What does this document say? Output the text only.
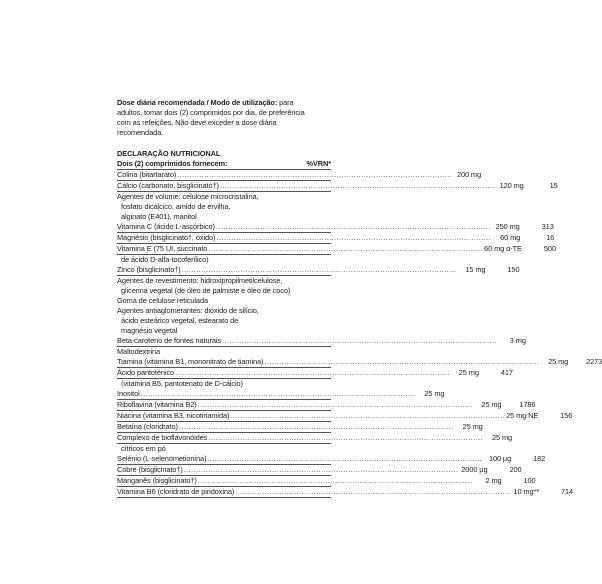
Dose diária recomendada / Modo de utilização: para
adultos, tomar dois (2) comprimidos por dia, de preferência
com as refeições. Não deve exceder a dose diária
recomendada.
DECLARAÇÃO NUTRICIONAL
Dois (2) comprimidos fornecem:	%VRN*
Colina (bitartarato) .....	200 mg
Cálcio (carbonato, bisglicinato†) .....	120 mg	15
Agentes de volume: celulose microcristalina,
fosfato dicálcico, amido de ervilha,
alginato (E401), manitol
Vitamina C (ácido L-ascórbico) .....	250 mg	313
Magnésio (bisglicinato†, óxido) .....	60 mg	16
Vitamina E (75 UI, succinato .....	60 mg α-TE	500
de ácido D-alfa-tocoferílico)
Zinco (bisglicinato†) .....	15 mg	150
Agentes de revestimento: hidroxipropilmetilcelulose,
glicerina vegetal (de óleo de palmiste e óleo de coco)
Goma de celulose reticulada
Agentes antiaglomerantes: dióxido de silício,
ácido esteárico vegetal, estearato de
magnésio vegetal
Beta-caroteno de fontes naturais .....	3 mg
Maltodextrina
Tiamina (vitamina B1, mononitrato de tiamina) .....	25 mg	2273
Ácido pantoténico .....	25 mg	417
(vitamina B5, pantotenato de D-cálcio)
Inositol .....	25 mg
Riboflavina (vitamina B2) .....	25 mg	1786
Niacina (vitamina B3, nicotinamida) .....	25 mg NE	156
Betaína (cloridrato) .....	25 mg
Complexo de bioflavonóides .....	25 mg
cítricos em pó
Selénio (L-selenometionina) .....	100 µg	182
Cobre (bisglicinato†) .....	2000 µg	200
Manganês (bisglicinato†) .....	2 mg	100
Vitamina B6 (cloridrato de piridoxina) .....	10 mg**	714
